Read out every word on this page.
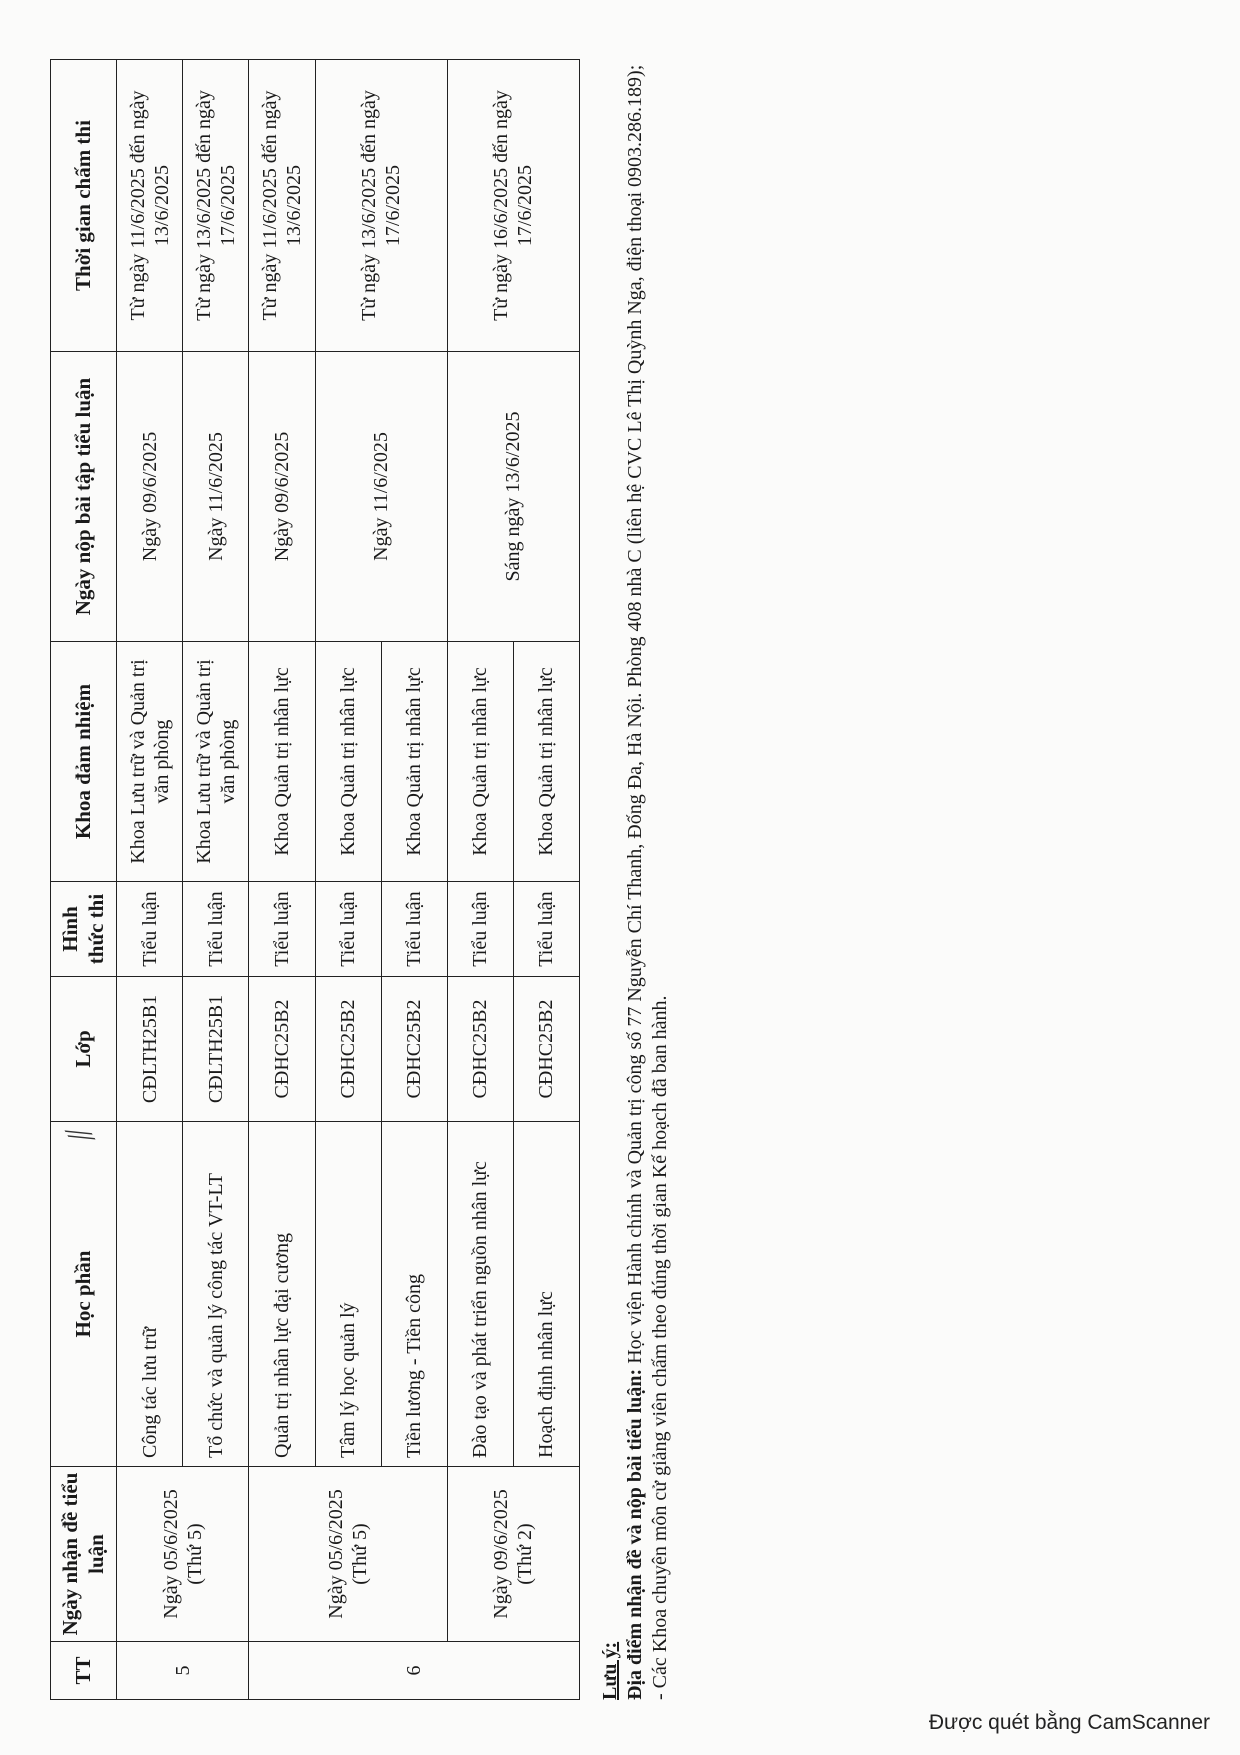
TT	Ngày nhận đề tiểu luận	Học phần	Lớp	Hình thức thi	Khoa đảm nhiệm	Ngày nộp bài tập tiểu luận	Thời gian chấm thi
5	Ngày 05/6/2025 (Thứ 5)	Công tác lưu trữ	CĐLTH25B1	Tiểu luận	Khoa Lưu trữ và Quản trị văn phòng	Ngày 09/6/2025	Từ ngày 11/6/2025 đến ngày 13/6/2025
		Tổ chức và quản lý công tác VT-LT	CĐLTH25B1	Tiểu luận	Khoa Lưu trữ và Quản trị văn phòng	Ngày 11/6/2025	Từ ngày 13/6/2025 đến ngày 17/6/2025
6	Ngày 05/6/2025 (Thứ 5)	Quản trị nhân lực đại cương	CĐHC25B2	Tiểu luận	Khoa Quản trị nhân lực	Ngày 09/6/2025	Từ ngày 11/6/2025 đến ngày 13/6/2025
		Tâm lý học quản lý	CĐHC25B2	Tiểu luận	Khoa Quản trị nhân lực	Ngày 11/6/2025	Từ ngày 13/6/2025 đến ngày 17/6/2025
		Tiền lương - Tiền công	CĐHC25B2	Tiểu luận	Khoa Quản trị nhân lực		
	Ngày 09/6/2025 (Thứ 2)	Đào tạo và phát triển nguồn nhân lực	CĐHC25B2	Tiểu luận	Khoa Quản trị nhân lực	Sáng ngày 13/6/2025	Từ ngày 16/6/2025 đến ngày 17/6/2025
		Hoạch định nhân lực	CĐHC25B2	Tiểu luận	Khoa Quản trị nhân lực		
⁄⁄
Lưu ý: Địa điểm nhận đề và nộp bài tiểu luận: Học viện Hành chính và Quản trị công số 77 Nguyễn Chí Thanh, Đống Đa, Hà Nội. Phòng 408 nhà C (liên hệ CVC Lê Thị Quỳnh Nga, điện thoại 0903.286.189); - Các Khoa chuyên môn cử giảng viên chấm theo đúng thời gian Kế hoạch đã ban hành.
Được quét bằng CamScanner
